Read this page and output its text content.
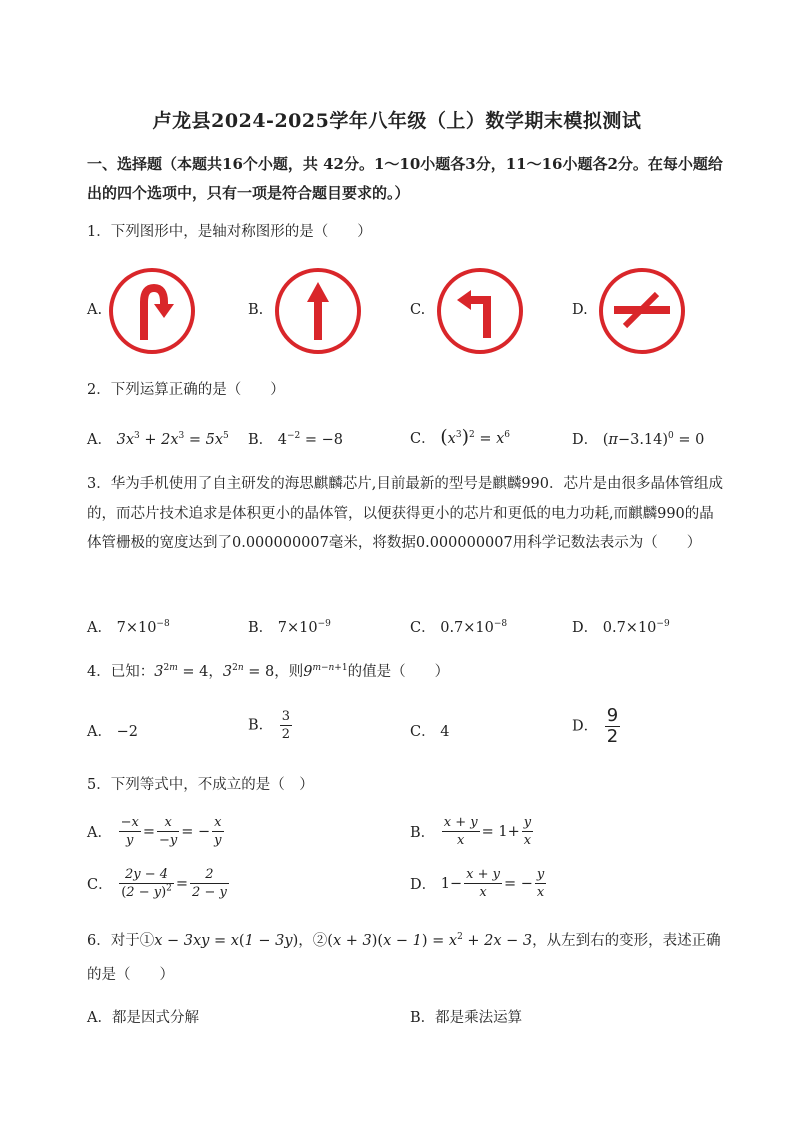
卢龙县2024-2025学年八年级（上）数学期末模拟测试
一、选择题（本题共16个小题，共 42分。1～10小题各3分，11～16小题各2分。在每小题给出的四个选项中，只有一项是符合题目要求的。）
1．下列图形中，是轴对称图形的是（　　）
A.	B.	C.	D.
2．下列运算正确的是（　　）
A． $3x^3 + 2x^3 = 5x^5$ B． $4^{-2} = -8$	C． $(x^3)^2 = x^6$	D． $(\pi-3.14)^0 = 0$
3．华为手机使用了自主研发的海思麒麟芯片,目前最新的型号是麒麟990．芯片是由很多晶体管组成的，而芯片技术追求是体积更小的晶体管，以便获得更小的芯片和更低的电力功耗,而麒麟990的晶体管栅极的宽度达到了0.000000007毫米，将数据0.000000007用科学记数法表示为（　　）
A． $7\times 10^{-8}$	B． $7\times 10^{-9}$	C． $0.7\times 10^{-8}$	D． $0.7\times 10^{-9}$
4．已知：$3^{2m} = 4$，$3^{2n} = 8$，则$9^{m-n+1}$的值是（　　）
A． −2	B． $\frac{3}{2}$	C． 4	D． $\frac{9}{2}$
5．下列等式中，不成立的是（　）
A． $\frac{-x}{y} = \frac{x}{-y}$ = − $\frac{x}{y}$	B． $\frac{x + y}{x} = 1+ \frac{y}{x}$
C． $\frac{2y - 4}{(2 - y)^2} = \frac{2}{2 - y}$	D． $1- \frac{x + y}{x}$ = − $\frac{y}{x}$
6．对于①x − 3xy = x(1 − 3y)，②(x + $3)(x - 1) = x^2 + 2x - 3$，从左到右的变形，表述正确的是（　　）
A．都是因式分解	B．都是乘法运算
